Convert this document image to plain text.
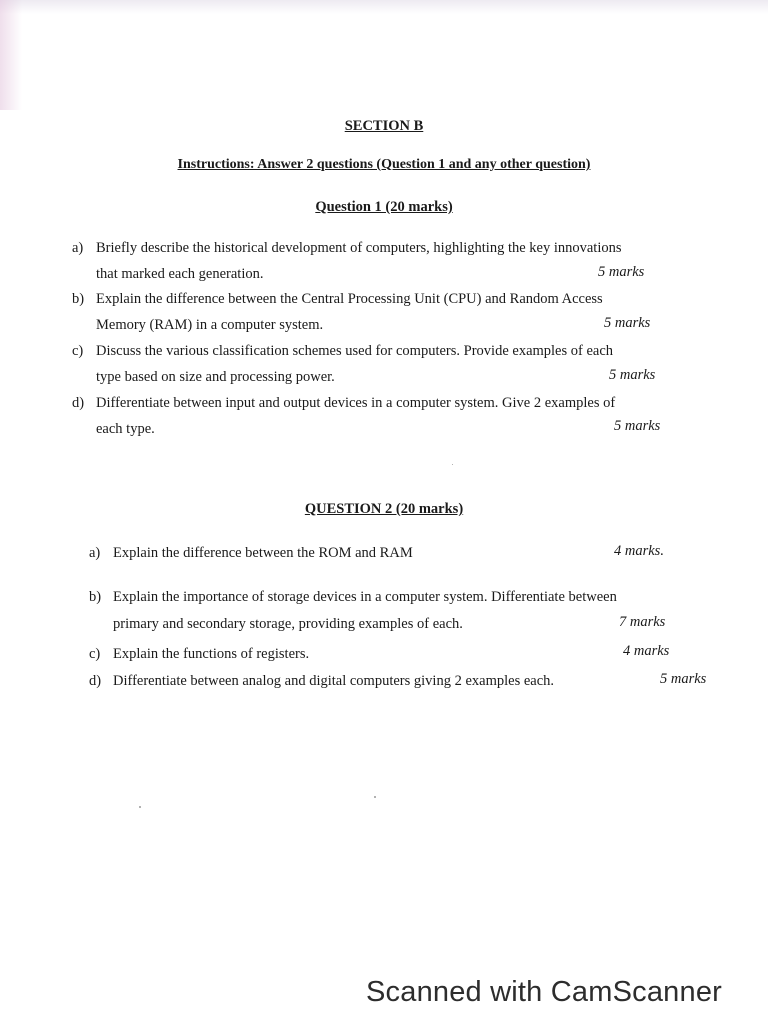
SECTION B
Instructions: Answer 2 questions (Question 1 and any other question)
Question 1 (20 marks)
a) Briefly describe the historical development of computers, highlighting the key innovations
that marked each generation.	5 marks
b) Explain the difference between the Central Processing Unit (CPU) and Random Access
Memory (RAM) in a computer system.	5 marks
c) Discuss the various classification schemes used for computers. Provide examples of each
type based on size and processing power.	5 marks
d) Differentiate between input and output devices in a computer system. Give 2 examples of
each type.	5 marks
QUESTION 2 (20 marks)
a) Explain the difference between the ROM and RAM	4 marks.
b) Explain the importance of storage devices in a computer system. Differentiate between
primary and secondary storage, providing examples of each.	7 marks
c) Explain the functions of registers.	4 marks
d) Differentiate between analog and digital computers giving 2 examples each.	5 marks
Scanned with CamScanner
